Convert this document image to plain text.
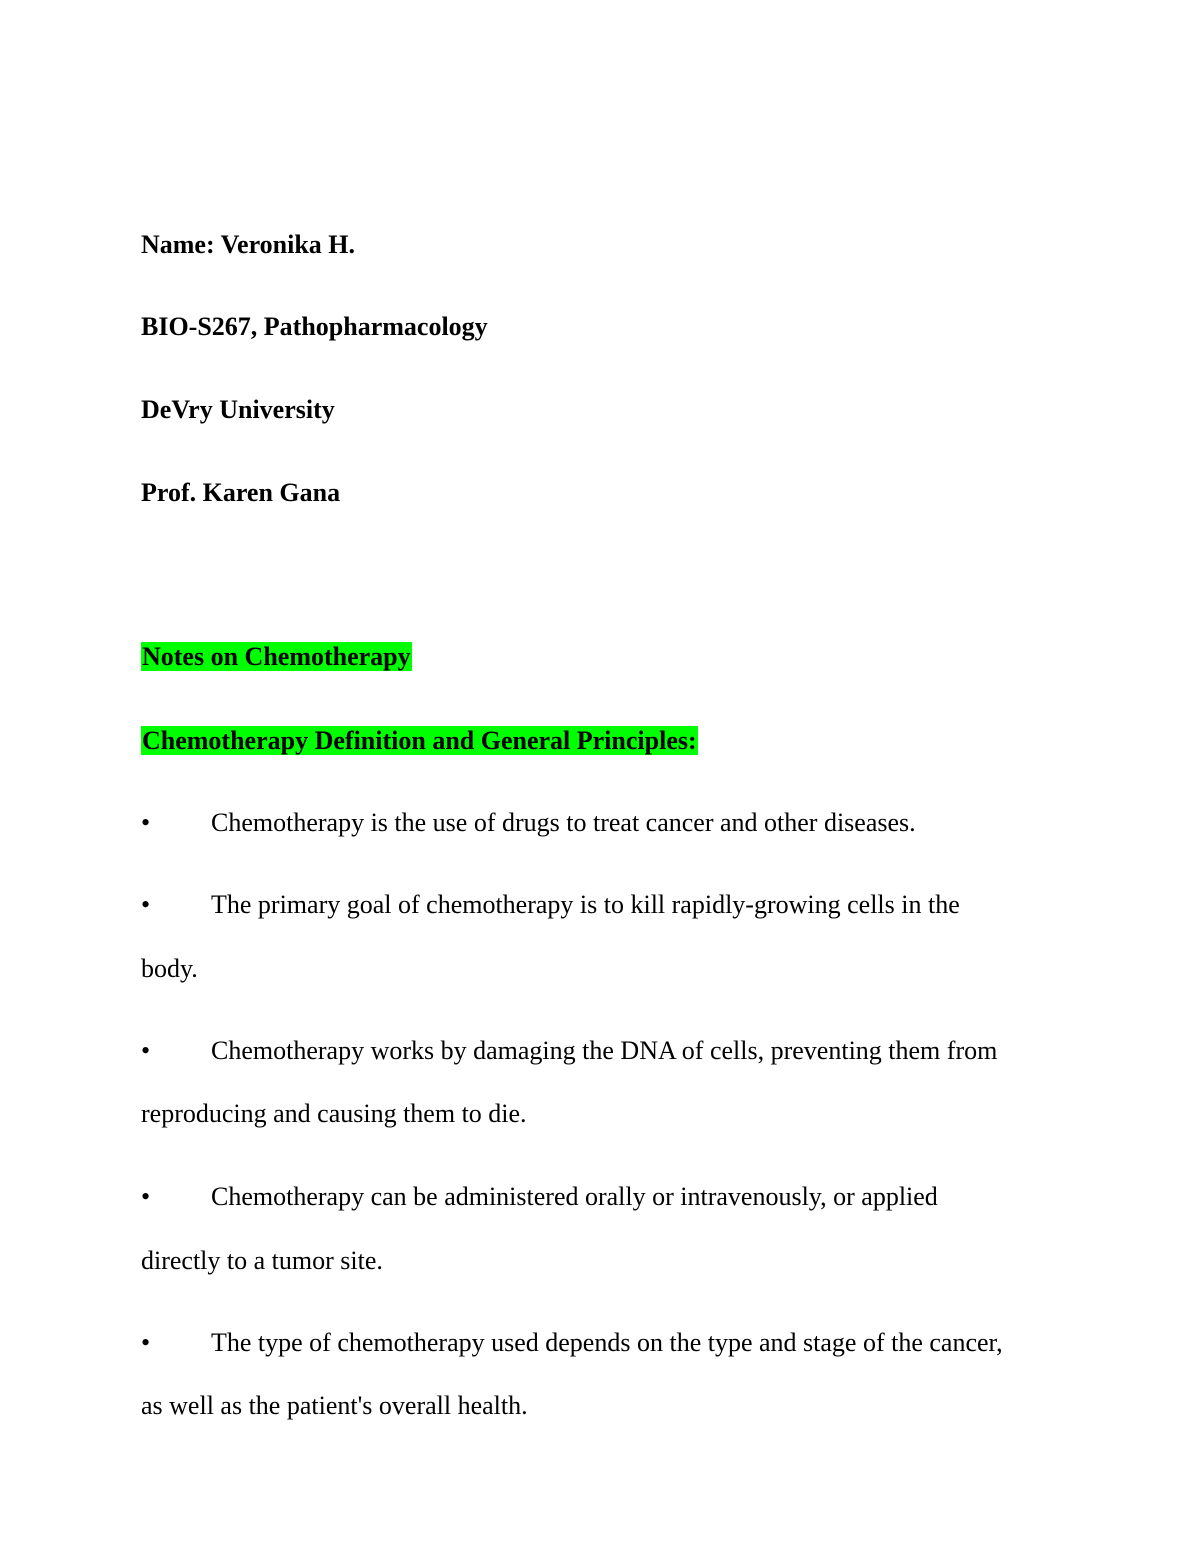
Name: Veronika H.
BIO-S267, Pathopharmacology
DeVry University
Prof. Karen Gana
Notes on Chemotherapy
Chemotherapy Definition and General Principles:
• Chemotherapy is the use of drugs to treat cancer and other diseases.
• The primary goal of chemotherapy is to kill rapidly-growing cells in the
body.
• Chemotherapy works by damaging the DNA of cells, preventing them from
reproducing and causing them to die.
• Chemotherapy can be administered orally or intravenously, or applied
directly to a tumor site.
• The type of chemotherapy used depends on the type and stage of the cancer,
as well as the patient's overall health.
